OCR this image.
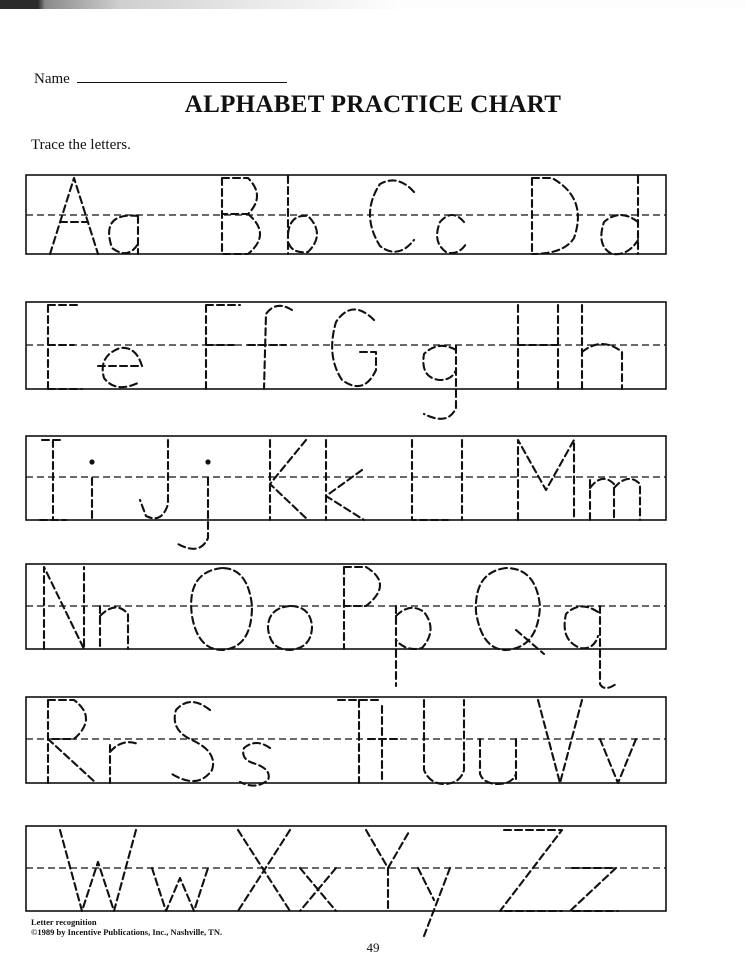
Name
ALPHABET PRACTICE CHART
Trace the letters.
Letter recognition
©1989 by Incentive Publications, Inc., Nashville, TN.
49
